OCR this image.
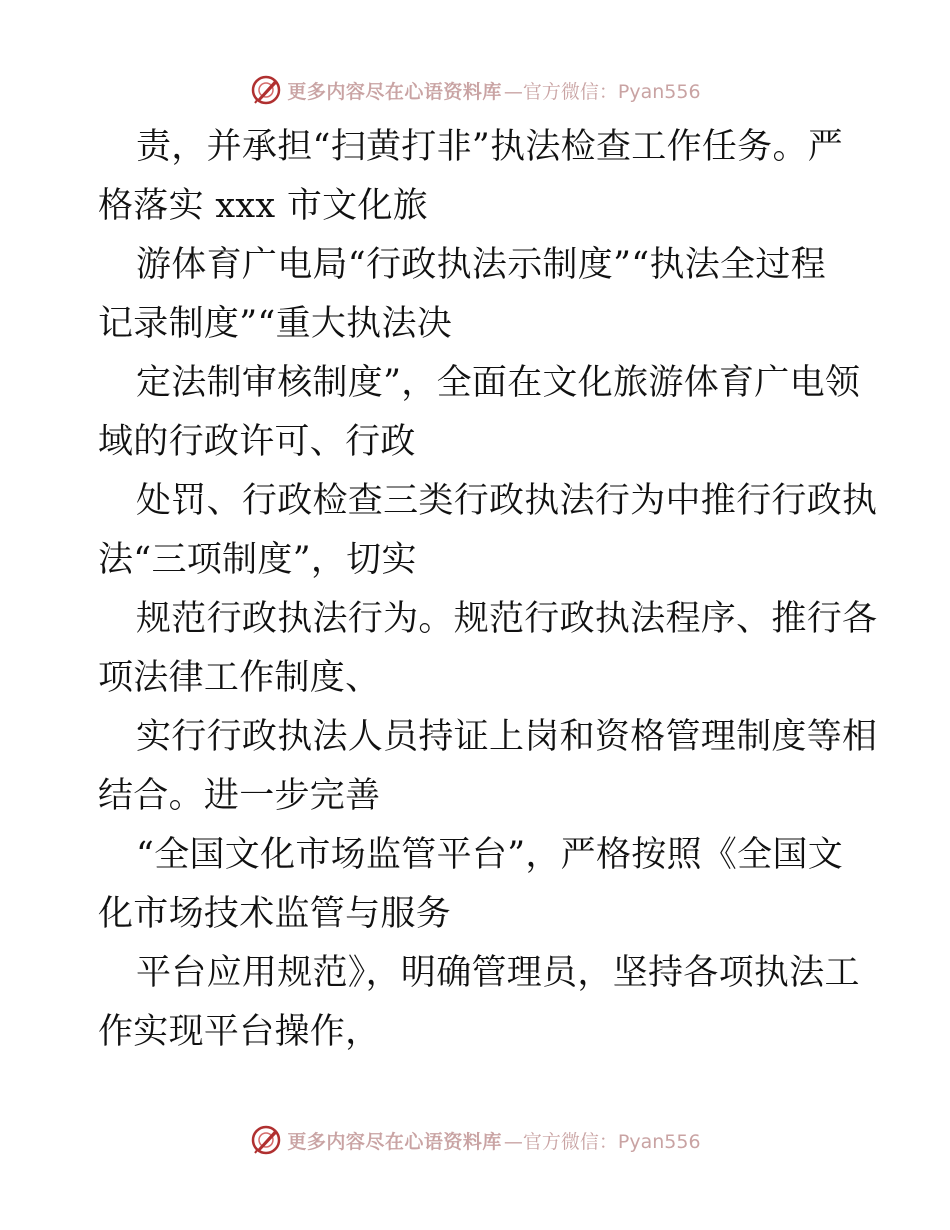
更多内容尽在心语资料库 —官方微信：Pyan556

责，并承担“扫黄打非”执法检查工作任务。严

格落实 xxx 市文化旅

游体育广电局“行政执法示制度”“执法全过程

记录制度”“重大执法决

定法制审核制度”，全面在文化旅游体育广电领

域的行政许可、行政

处罚、行政检查三类行政执法行为中推行行政执

法“三项制度”，切实

规范行政执法行为。规范行政执法程序、推行各

项法律工作制度、

实行行政执法人员持证上岗和资格管理制度等相

结合。进一步完善

“全国文化市场监管平台”，严格按照《全国文

化市场技术监管与服务

平台应用规范》，明确管理员，坚持各项执法工

作实现平台操作，

更多内容尽在心语资料库 —官方微信：Pyan556
